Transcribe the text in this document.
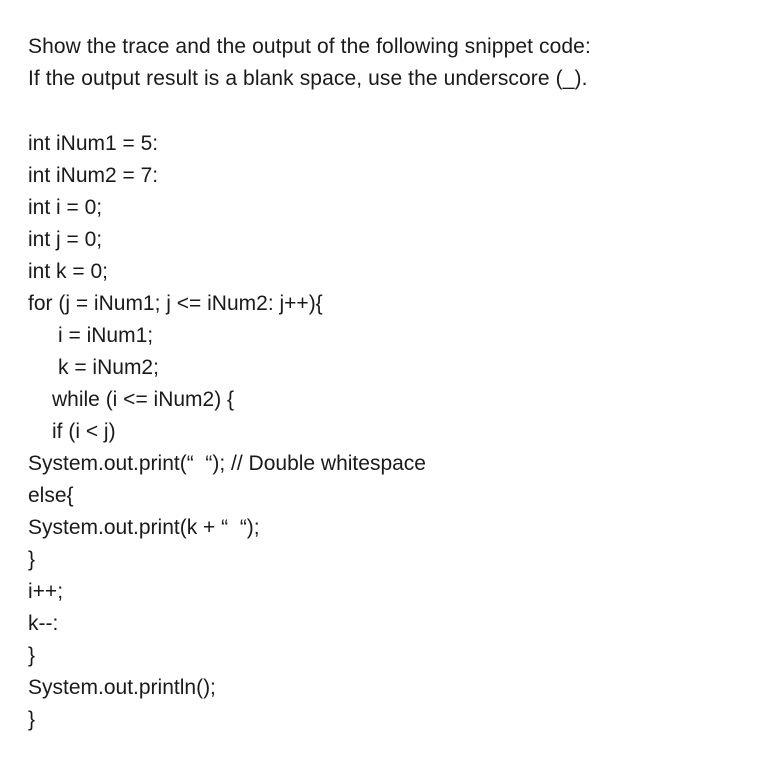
Show the trace and the output of the following snippet code:
If the output result is a blank space, use the underscore (_).
int iNum1 = 5:
int iNum2 = 7:
int i = 0;
int j = 0;
int k = 0;
for (j = iNum1; j <= iNum2: j++){
i = iNum1;
k = iNum2;
while (i <= iNum2) {
if (i < j)
System.out.print(“  “); // Double whitespace
else{
System.out.print(k + “  “);
}
i++;
k--:
}
System.out.println();
}
